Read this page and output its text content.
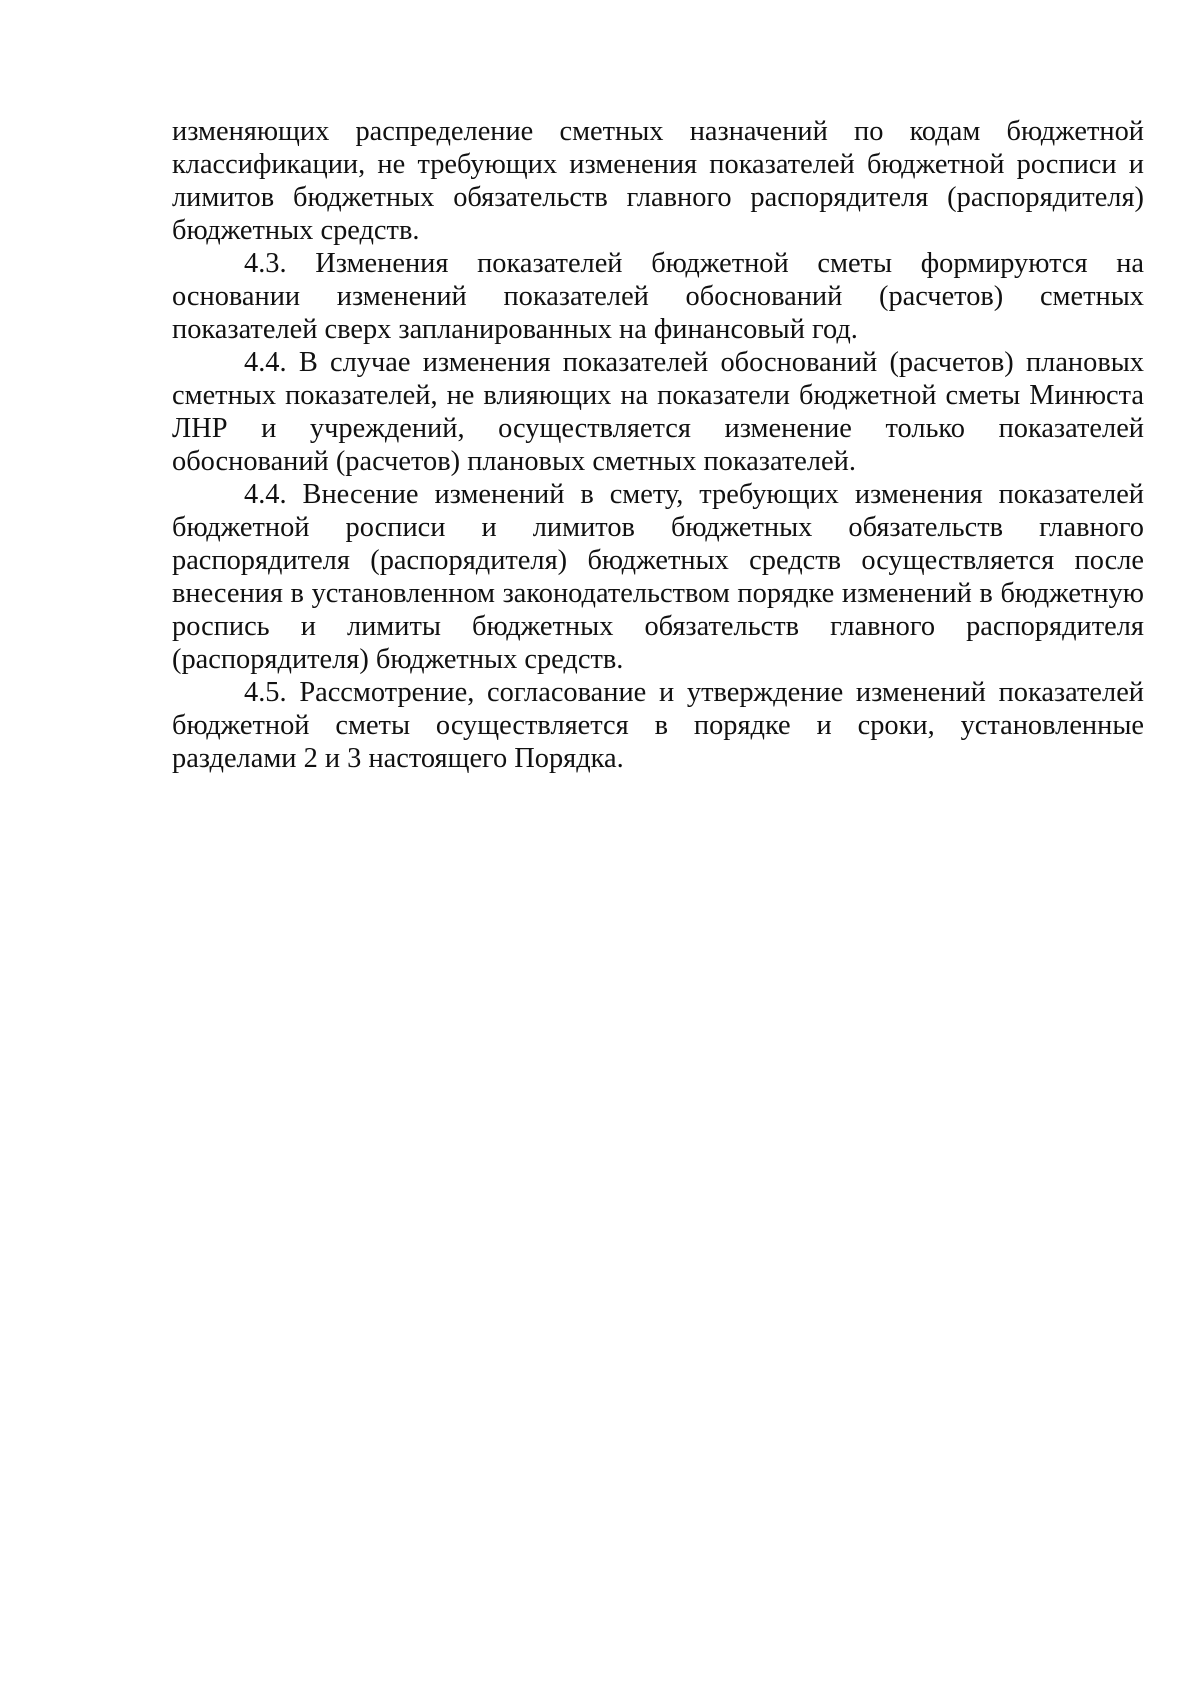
изменяющих распределение сметных назначений по кодам бюджетной классификации, не требующих изменения показателей бюджетной росписи и лимитов бюджетных обязательств главного распорядителя (распорядителя) бюджетных средств.

4.3. Изменения показателей бюджетной сметы формируются на основании изменений показателей обоснований (расчетов) сметных показателей сверх запланированных на финансовый год.

4.4. В случае изменения показателей обоснований (расчетов) плановых сметных показателей, не влияющих на показатели бюджетной сметы Минюста ЛНР и учреждений, осуществляется изменение только показателей обоснований (расчетов) плановых сметных показателей.

4.4. Внесение изменений в смету, требующих изменения показателей бюджетной росписи и лимитов бюджетных обязательств главного распорядителя (распорядителя) бюджетных средств осуществляется после внесения в установленном законодательством порядке изменений в бюджетную роспись и лимиты бюджетных обязательств главного распорядителя (распорядителя) бюджетных средств.

4.5. Рассмотрение, согласование и утверждение изменений показателей бюджетной сметы осуществляется в порядке и сроки, установленные разделами 2 и 3 настоящего Порядка.
